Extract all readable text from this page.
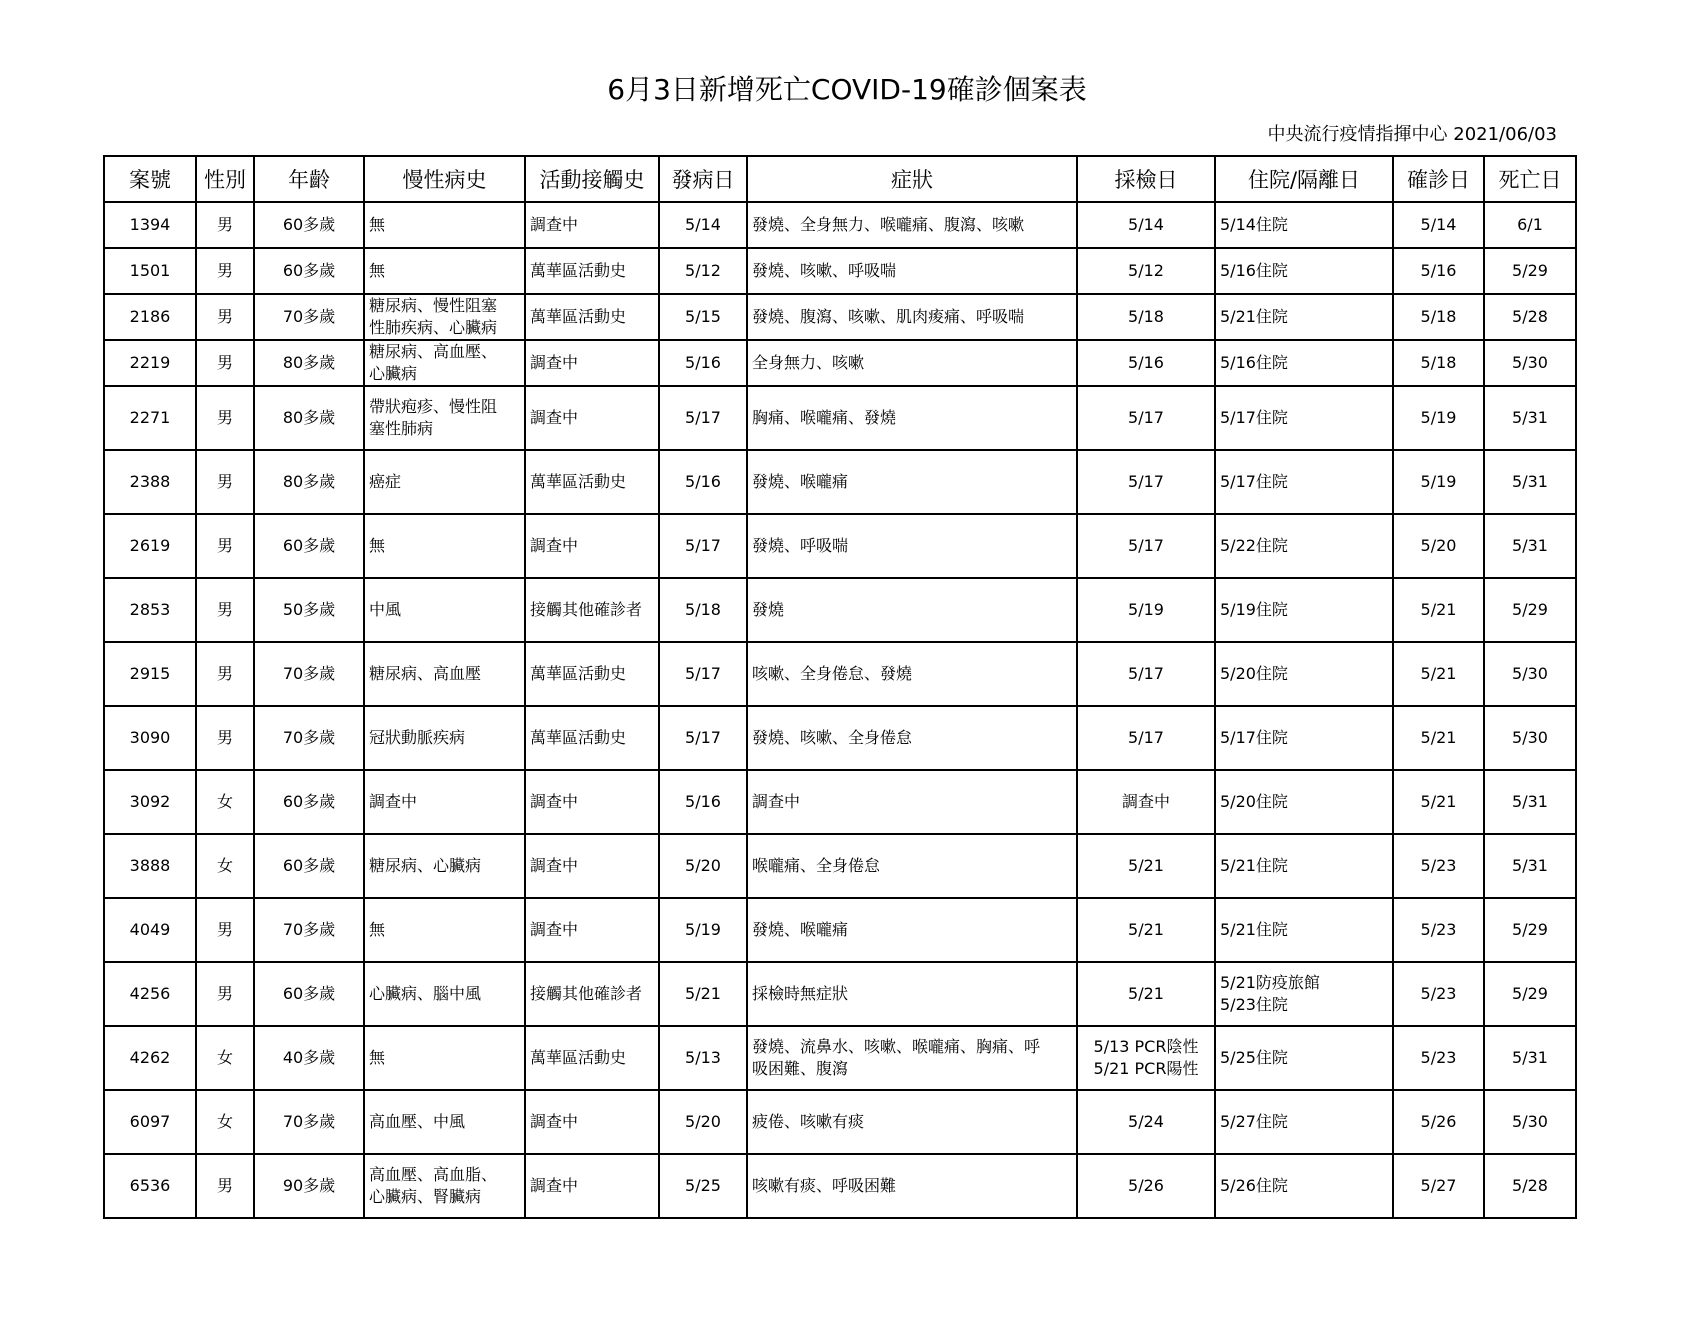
6月3日新增死亡COVID-19確診個案表
中央流行疫情指揮中心 2021/06/03
案號	性別	年齡	慢性病史	活動接觸史	發病日	症狀	採檢日	住院/隔離日	確診日	死亡日
1394	男	60多歲	無	調查中	5/14	發燒、全身無力、喉嚨痛、腹瀉、咳嗽	5/14	5/14住院	5/14	6/1
1501	男	60多歲	無	萬華區活動史	5/12	發燒、咳嗽、呼吸喘	5/12	5/16住院	5/16	5/29
2186	男	70多歲	糖尿病、慢性阻塞
性肺疾病、心臟病	萬華區活動史	5/15	發燒、腹瀉、咳嗽、肌肉痠痛、呼吸喘	5/18	5/21住院	5/18	5/28
2219	男	80多歲	糖尿病、高血壓、
心臟病	調查中	5/16	全身無力、咳嗽	5/16	5/16住院	5/18	5/30
2271	男	80多歲	帶狀疱疹、慢性阻
塞性肺病	調查中	5/17	胸痛、喉嚨痛、發燒	5/17	5/17住院	5/19	5/31
2388	男	80多歲	癌症	萬華區活動史	5/16	發燒、喉嚨痛	5/17	5/17住院	5/19	5/31
2619	男	60多歲	無	調查中	5/17	發燒、呼吸喘	5/17	5/22住院	5/20	5/31
2853	男	50多歲	中風	接觸其他確診者	5/18	發燒	5/19	5/19住院	5/21	5/29
2915	男	70多歲	糖尿病、高血壓	萬華區活動史	5/17	咳嗽、全身倦怠、發燒	5/17	5/20住院	5/21	5/30
3090	男	70多歲	冠狀動脈疾病	萬華區活動史	5/17	發燒、咳嗽、全身倦怠	5/17	5/17住院	5/21	5/30
3092	女	60多歲	調查中	調查中	5/16	調查中	調查中	5/20住院	5/21	5/31
3888	女	60多歲	糖尿病、心臟病	調查中	5/20	喉嚨痛、全身倦怠	5/21	5/21住院	5/23	5/31
4049	男	70多歲	無	調查中	5/19	發燒、喉嚨痛	5/21	5/21住院	5/23	5/29
4256	男	60多歲	心臟病、腦中風	接觸其他確診者	5/21	採檢時無症狀	5/21	5/21防疫旅館
5/23住院	5/23	5/29
4262	女	40多歲	無	萬華區活動史	5/13	發燒、流鼻水、咳嗽、喉嚨痛、胸痛、呼
吸困難、腹瀉	5/13 PCR陰性
5/21 PCR陽性	5/25住院	5/23	5/31
6097	女	70多歲	高血壓、中風	調查中	5/20	疲倦、咳嗽有痰	5/24	5/27住院	5/26	5/30
6536	男	90多歲	高血壓、高血脂、
心臟病、腎臟病	調查中	5/25	咳嗽有痰、呼吸困難	5/26	5/26住院	5/27	5/28
